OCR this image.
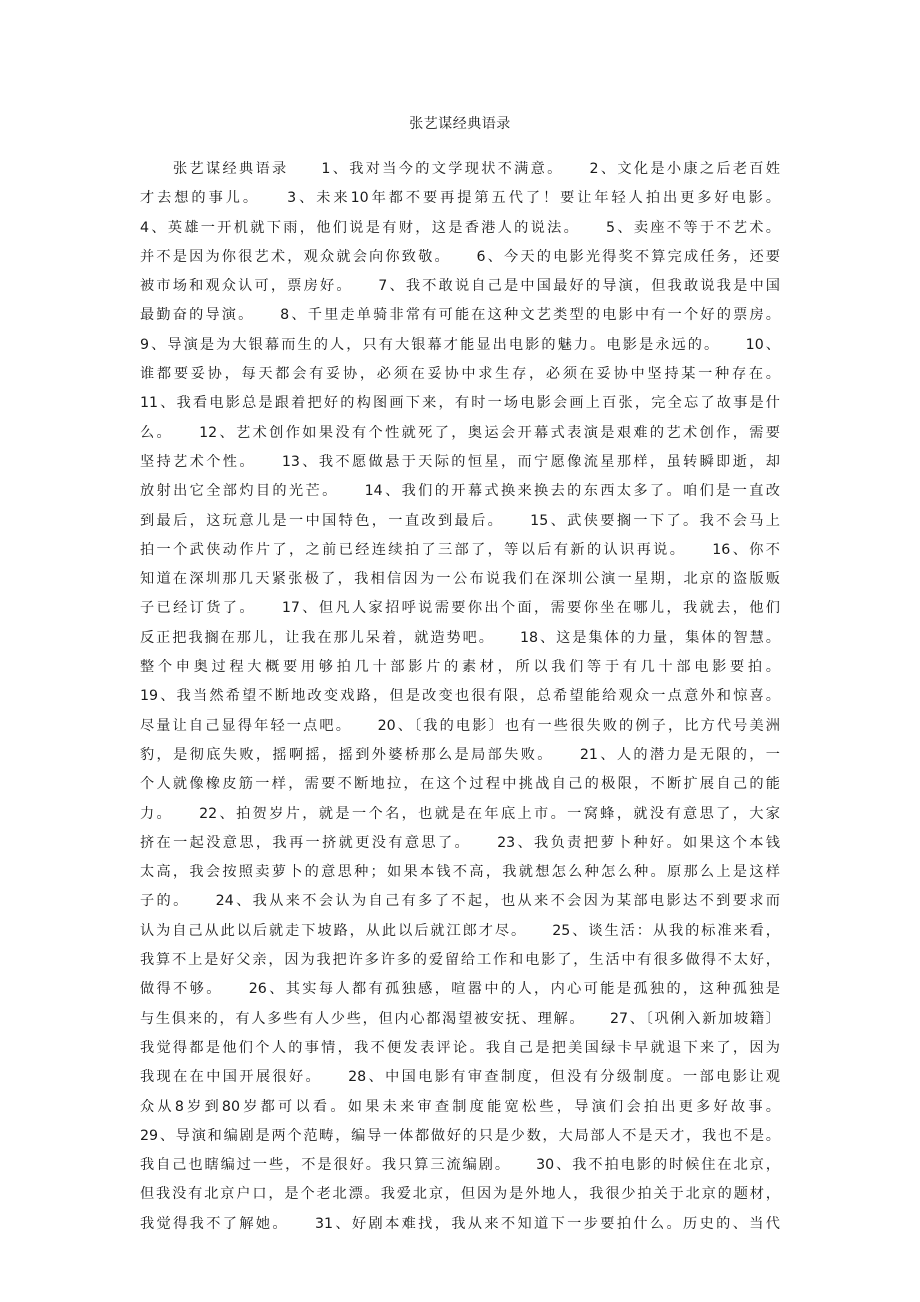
张艺谋经典语录
　　张艺谋经典语录　　1、我对当今的文学现状不满意。　　2、文化是小康之后老百姓
才去想的事儿。　　3、未来10年都不要再提第五代了！要让年轻人拍出更多好电影。
4、英雄一开机就下雨，他们说是有财，这是香港人的说法。　　5、卖座不等于不艺术。
并不是因为你很艺术，观众就会向你致敬。　　6、今天的电影光得奖不算完成任务，还要
被市场和观众认可，票房好。　　7、我不敢说自己是中国最好的导演，但我敢说我是中国
最勤奋的导演。　　8、千里走单骑非常有可能在这种文艺类型的电影中有一个好的票房。
9、导演是为大银幕而生的人，只有大银幕才能显出电影的魅力。电影是永远的。　　10、
谁都要妥协，每天都会有妥协，必须在妥协中求生存，必须在妥协中坚持某一种存在。
11、我看电影总是跟着把好的构图画下来，有时一场电影会画上百张，完全忘了故事是什
么。　　12、艺术创作如果没有个性就死了，奥运会开幕式表演是艰难的艺术创作，需要
坚持艺术个性。　　13、我不愿做悬于天际的恒星，而宁愿像流星那样，虽转瞬即逝，却
放射出它全部灼目的光芒。　　14、我们的开幕式换来换去的东西太多了。咱们是一直改
到最后，这玩意儿是一中国特色，一直改到最后。　　15、武侠要搁一下了。我不会马上
拍一个武侠动作片了，之前已经连续拍了三部了，等以后有新的认识再说。　　16、你不
知道在深圳那几天紧张极了，我相信因为一公布说我们在深圳公演一星期，北京的盗版贩
子已经订货了。　　17、但凡人家招呼说需要你出个面，需要你坐在哪儿，我就去，他们
反正把我搁在那儿，让我在那儿呆着，就造势吧。　　18、这是集体的力量，集体的智慧。
整个申奥过程大概要用够拍几十部影片的素材，所以我们等于有几十部电影要拍。
19、我当然希望不断地改变戏路，但是改变也很有限，总希望能给观众一点意外和惊喜。
尽量让自己显得年轻一点吧。　　20、〔我的电影〕也有一些很失败的例子，比方代号美洲
豹，是彻底失败，摇啊摇，摇到外婆桥那么是局部失败。　　21、人的潜力是无限的，一
个人就像橡皮筋一样，需要不断地拉，在这个过程中挑战自己的极限，不断扩展自己的能
力。　　22、拍贺岁片，就是一个名，也就是在年底上市。一窝蜂，就没有意思了，大家
挤在一起没意思，我再一挤就更没有意思了。　　23、我负责把萝卜种好。如果这个本钱
太高，我会按照卖萝卜的意思种；如果本钱不高，我就想怎么种怎么种。原那么上是这样
子的。　　24、我从来不会认为自己有多了不起，也从来不会因为某部电影达不到要求而
认为自己从此以后就走下坡路，从此以后就江郎才尽。　　25、谈生活：从我的标准来看，
我算不上是好父亲，因为我把许多许多的爱留给工作和电影了，生活中有很多做得不太好，
做得不够。　　26、其实每人都有孤独感，喧嚣中的人，内心可能是孤独的，这种孤独是
与生俱来的，有人多些有人少些，但内心都渴望被安抚、理解。　　27、〔巩俐入新加坡籍〕
我觉得都是他们个人的事情，我不便发表评论。我自己是把美国绿卡早就退下来了，因为
我现在在中国开展很好。　　28、中国电影有审查制度，但没有分级制度。一部电影让观
众从8岁到80岁都可以看。如果未来审查制度能宽松些，导演们会拍出更多好故事。
29、导演和编剧是两个范畴，编导一体都做好的只是少数，大局部人不是天才，我也不是。
我自己也瞎编过一些，不是很好。我只算三流编剧。　　30、我不拍电影的时候住在北京，
但我没有北京户口，是个老北漂。我爱北京，但因为是外地人，我很少拍关于北京的题材，
我觉得我不了解她。　　31、好剧本难找，我从来不知道下一步要拍什么。历史的、当代
